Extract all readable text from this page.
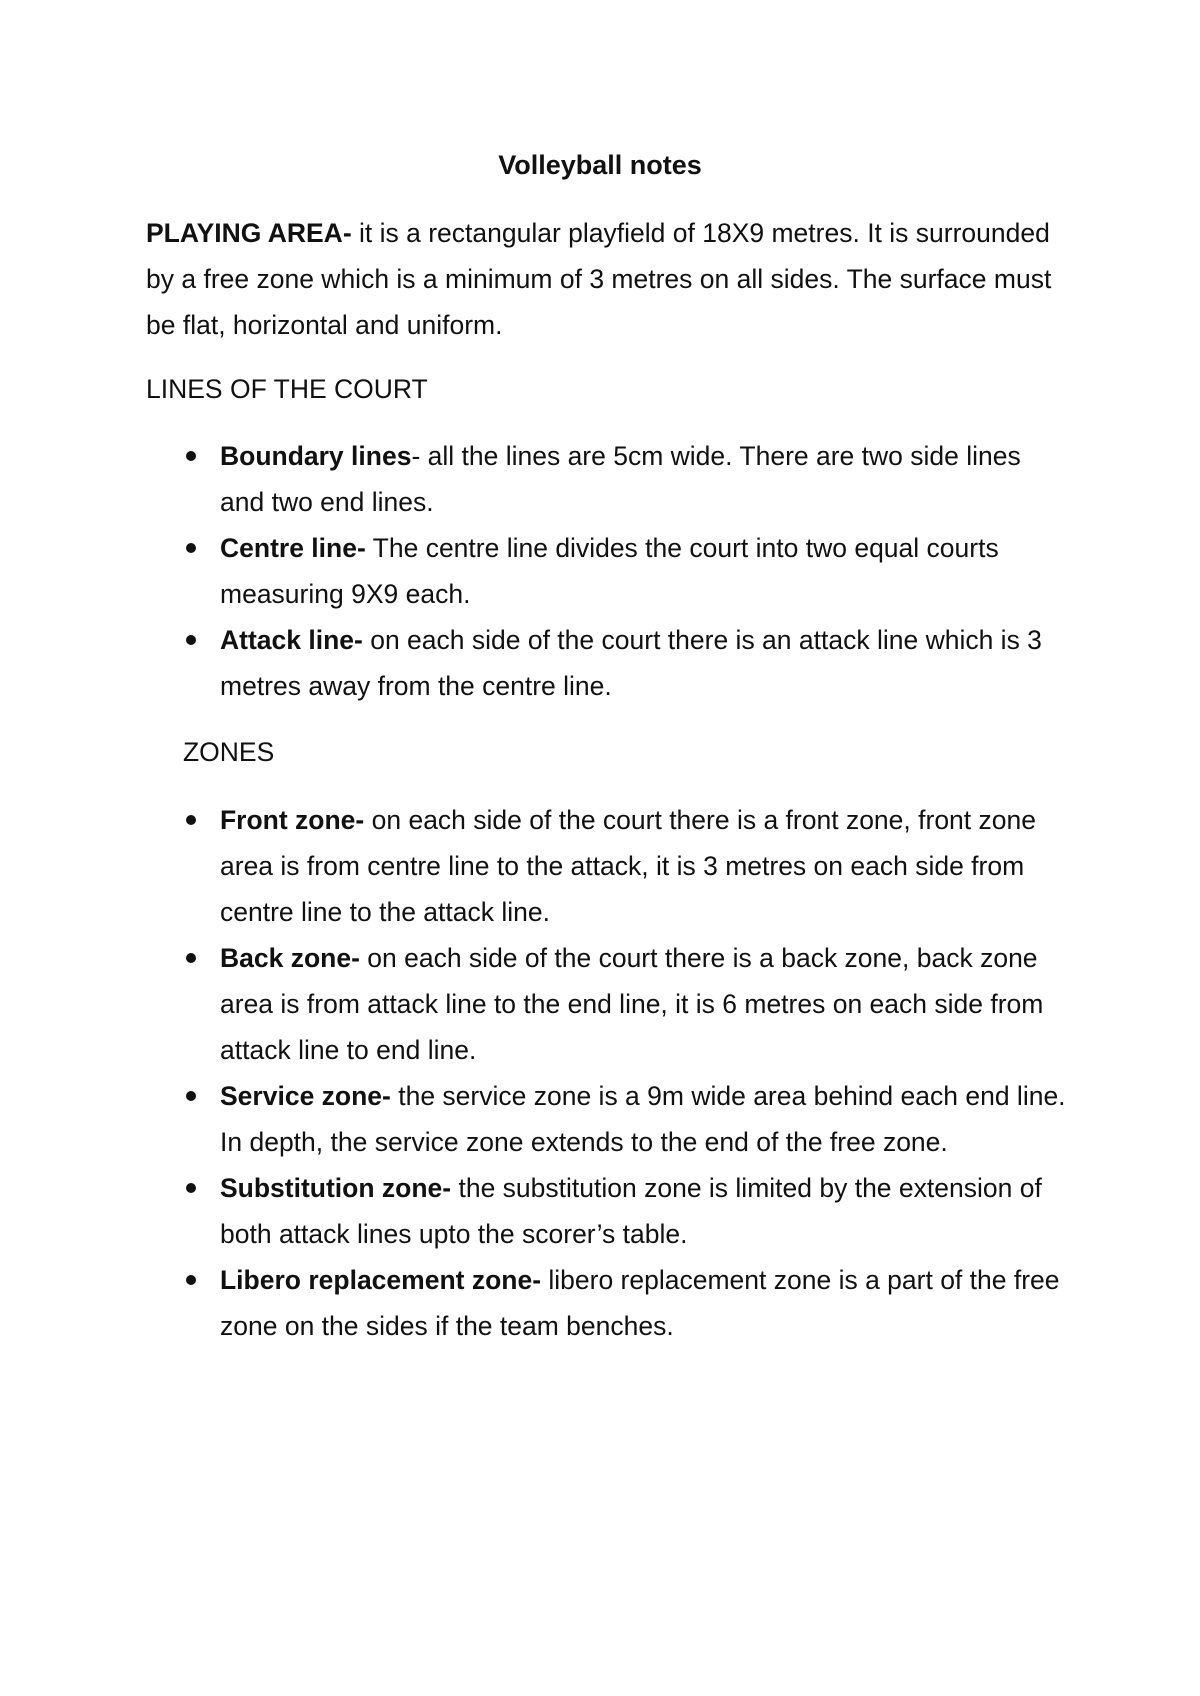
Volleyball notes
PLAYING AREA- it is a rectangular playfield of 18X9 metres. It is surrounded by a free zone which is a minimum of 3 metres on all sides. The surface must be flat, horizontal and uniform.
LINES OF THE COURT
Boundary lines- all the lines are 5cm wide. There are two side lines and two end lines.
Centre line- The centre line divides the court into two equal courts measuring 9X9 each.
Attack line- on each side of the court there is an attack line which is 3 metres away from the centre line.
ZONES
Front zone- on each side of the court there is a front zone, front zone area is from centre line to the attack, it is 3 metres on each side from centre line to the attack line.
Back zone- on each side of the court there is a back zone, back zone area is from attack line to the end line, it is 6 metres on each side from attack line to end line.
Service zone- the service zone is a 9m wide area behind each end line. In depth, the service zone extends to the end of the free zone.
Substitution zone- the substitution zone is limited by the extension of both attack lines upto the scorer’s table.
Libero replacement zone- libero replacement zone is a part of the free zone on the sides if the team benches.
